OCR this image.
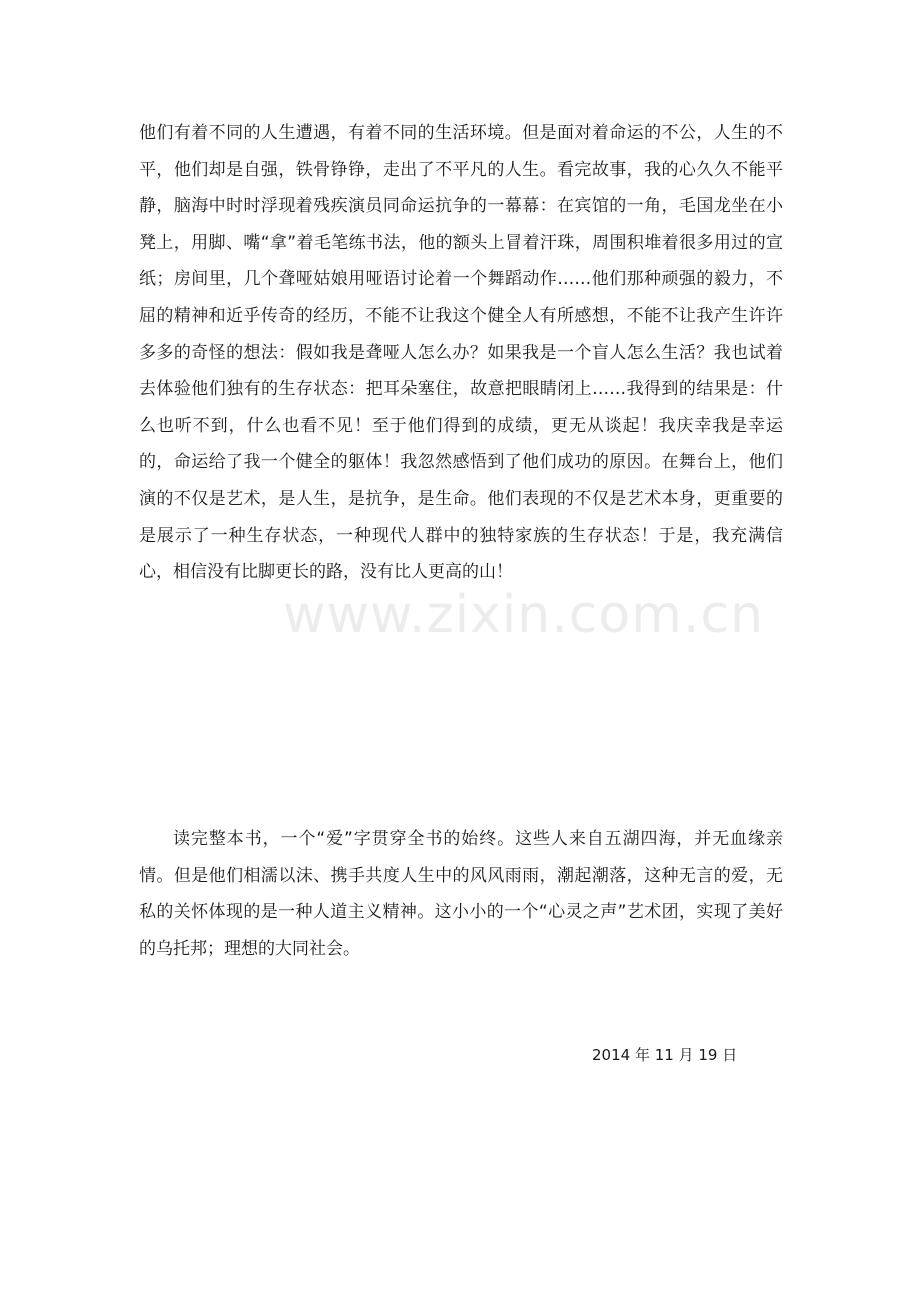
他们有着不同的人生遭遇，有着不同的生活环境。但是面对着命运的不公，人生的不平，他们却是自强，铁骨铮铮，走出了不平凡的人生。看完故事，我的心久久不能平静，脑海中时时浮现着残疾演员同命运抗争的一幕幕：在宾馆的一角，毛国龙坐在小凳上，用脚、嘴“拿”着毛笔练书法，他的额头上冒着汗珠，周围积堆着很多用过的宣纸；房间里，几个聋哑姑娘用哑语讨论着一个舞蹈动作……他们那种顽强的毅力，不屈的精神和近乎传奇的经历，不能不让我这个健全人有所感想，不能不让我产生许许多多的奇怪的想法：假如我是聋哑人怎么办？如果我是一个盲人怎么生活？我也试着去体验他们独有的生存状态：把耳朵塞住，故意把眼睛闭上……我得到的结果是：什么也听不到，什么也看不见！至于他们得到的成绩，更无从谈起！我庆幸我是幸运的，命运给了我一个健全的躯体！我忽然感悟到了他们成功的原因。在舞台上，他们演的不仅是艺术，是人生，是抗争，是生命。他们表现的不仅是艺术本身，更重要的是展示了一种生存状态，一种现代人群中的独特家族的生存状态！于是，我充满信心，相信没有比脚更长的路，没有比人更高的山！

www.zixin.com.cn

读完整本书，一个“爱”字贯穿全书的始终。这些人来自五湖四海，并无血缘亲情。但是他们相濡以沫、携手共度人生中的风风雨雨，潮起潮落，这种无言的爱，无私的关怀体现的是一种人道主义精神。这小小的一个“心灵之声”艺术团，实现了美好的乌托邦；理想的大同社会。

2014 年 11 月 19 日
